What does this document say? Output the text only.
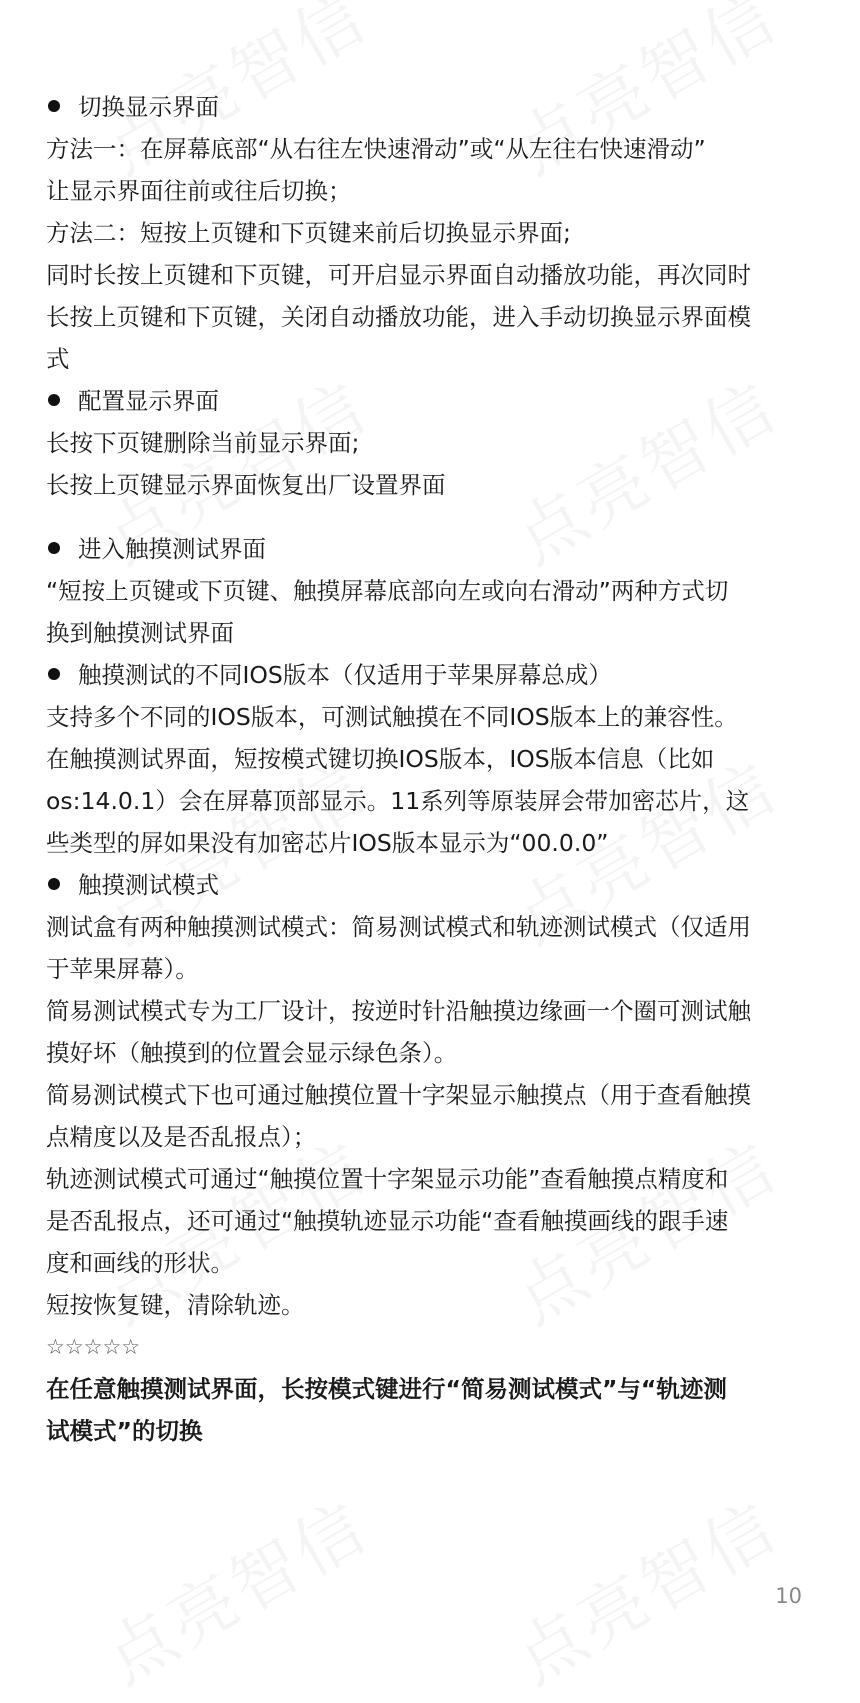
切换显示界面
方法一：在屏幕底部“从右往左快速滑动”或“从左往右快速滑动”
让显示界面往前或往后切换；
方法二：短按上页键和下页键来前后切换显示界面;
同时长按上页键和下页键，可开启显示界面自动播放功能，再次同时
长按上页键和下页键，关闭自动播放功能，进入手动切换显示界面模
式
配置显示界面
长按下页键删除当前显示界面;
长按上页键显示界面恢复出厂设置界面
进入触摸测试界面
“短按上页键或下页键、触摸屏幕底部向左或向右滑动”两种方式切
换到触摸测试界面
触摸测试的不同IOS版本（仅适用于苹果屏幕总成）
支持多个不同的IOS版本，可测试触摸在不同IOS版本上的兼容性。
在触摸测试界面，短按模式键切换IOS版本，IOS版本信息（比如
os:14.0.1）会在屏幕顶部显示。11系列等原装屏会带加密芯片，这
些类型的屏如果没有加密芯片IOS版本显示为“00.0.0”
触摸测试模式
测试盒有两种触摸测试模式：简易测试模式和轨迹测试模式（仅适用
于苹果屏幕）。
简易测试模式专为工厂设计，按逆时针沿触摸边缘画一个圈可测试触
摸好坏（触摸到的位置会显示绿色条）。
简易测试模式下也可通过触摸位置十字架显示触摸点（用于查看触摸
点精度以及是否乱报点）；
轨迹测试模式可通过“触摸位置十字架显示功能”查看触摸点精度和
是否乱报点，还可通过“触摸轨迹显示功能“查看触摸画线的跟手速
度和画线的形状。
短按恢复键，清除轨迹。
☆☆☆☆☆
在任意触摸测试界面，长按模式键进行“简易测试模式”与“轨迹测
试模式”的切换
10
